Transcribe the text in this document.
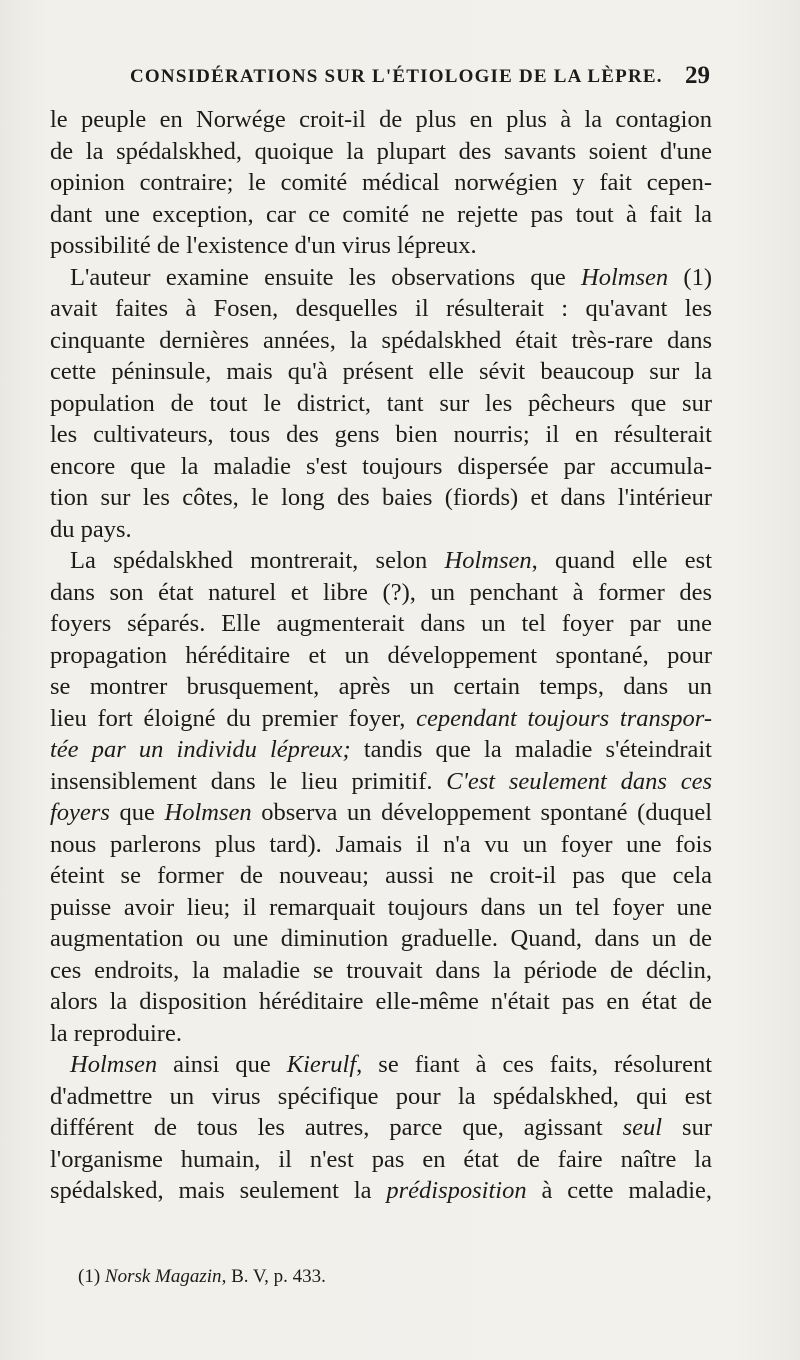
CONSIDÉRATIONS SUR L'ÉTIOLOGIE DE LA LÈPRE. 29
le peuple en Norwége croit-il de plus en plus à la contagion
de la spédalskhed, quoique la plupart des savants soient d'une
opinion contraire; le comité médical norwégien y fait cepen-
dant une exception, car ce comité ne rejette pas tout à fait la
possibilité de l'existence d'un virus lépreux.
L'auteur examine ensuite les observations que Holmsen (1)
avait faites à Fosen, desquelles il résulterait : qu'avant les
cinquante dernières années, la spédalskhed était très-rare dans
cette péninsule, mais qu'à présent elle sévit beaucoup sur la
population de tout le district, tant sur les pêcheurs que sur
les cultivateurs, tous des gens bien nourris; il en résulterait
encore que la maladie s'est toujours dispersée par accumula-
tion sur les côtes, le long des baies (fiords) et dans l'intérieur
du pays.
La spédalskhed montrerait, selon Holmsen, quand elle est
dans son état naturel et libre (?), un penchant à former des
foyers séparés. Elle augmenterait dans un tel foyer par une
propagation héréditaire et un développement spontané, pour
se montrer brusquement, après un certain temps, dans un
lieu fort éloigné du premier foyer, cependant toujours transpor-
tée par un individu lépreux; tandis que la maladie s'éteindrait
insensiblement dans le lieu primitif. C'est seulement dans ces
foyers que Holmsen observa un développement spontané (duquel
nous parlerons plus tard). Jamais il n'a vu un foyer une fois
éteint se former de nouveau; aussi ne croit-il pas que cela
puisse avoir lieu; il remarquait toujours dans un tel foyer une
augmentation ou une diminution graduelle. Quand, dans un de
ces endroits, la maladie se trouvait dans la période de déclin,
alors la disposition héréditaire elle-même n'était pas en état de
la reproduire.
Holmsen ainsi que Kierulf, se fiant à ces faits, résolurent
d'admettre un virus spécifique pour la spédalskhed, qui est
différent de tous les autres, parce que, agissant seul sur
l'organisme humain, il n'est pas en état de faire naître la
spédalsked, mais seulement la prédisposition à cette maladie,
(1) Norsk Magazin, B. V, p. 433.
